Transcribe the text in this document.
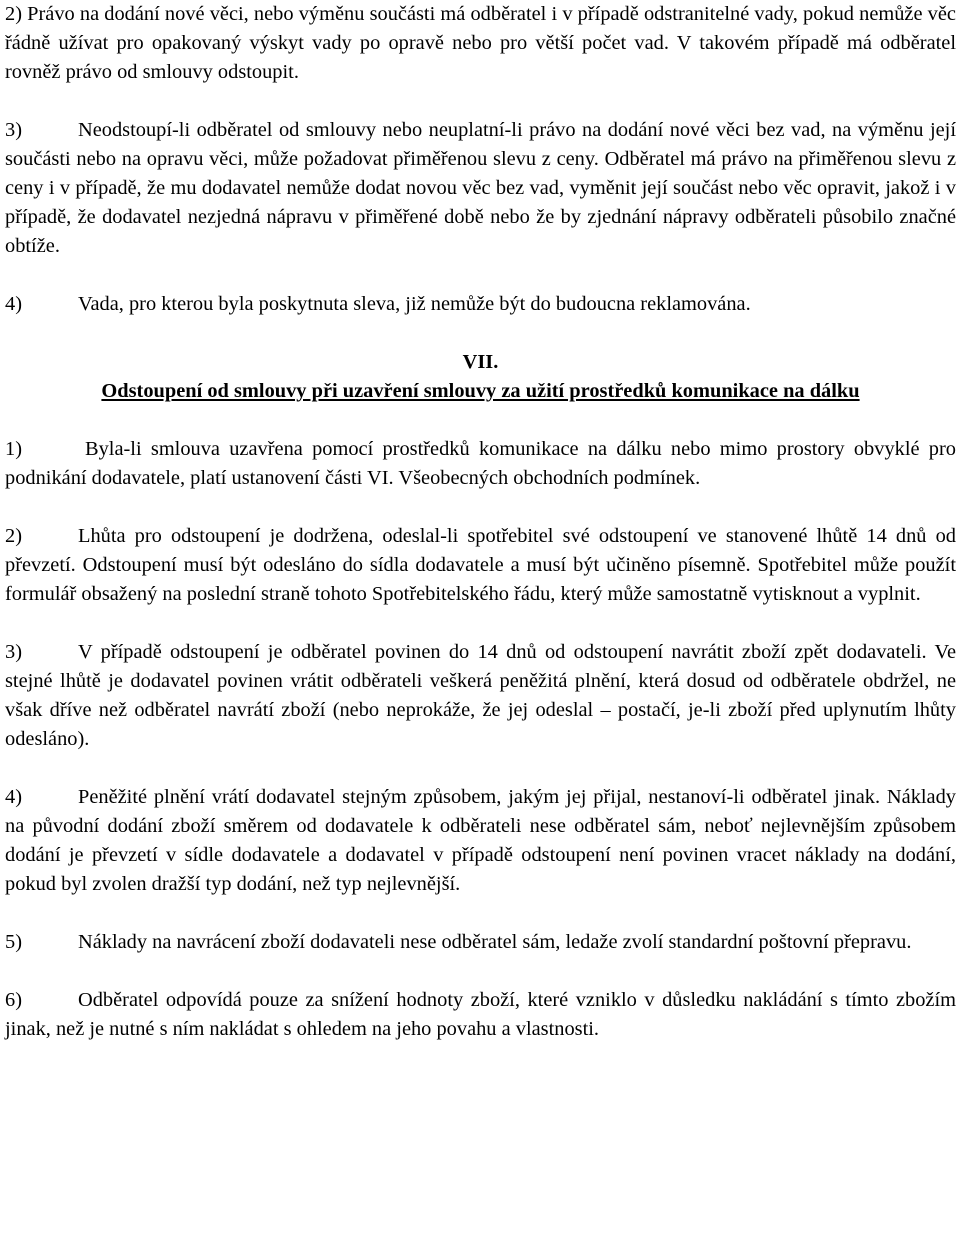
2) Právo na dodání nové věci, nebo výměnu součásti má odběratel i v případě odstranitelné vady, pokud nemůže věc řádně užívat pro opakovaný výskyt vady po opravě nebo pro větší počet vad. V takovém případě má odběratel rovněž právo od smlouvy odstoupit.

3)	Neodstoupí-li odběratel od smlouvy nebo neuplatní-li právo na dodání nové věci bez vad, na výměnu její součásti nebo na opravu věci, může požadovat přiměřenou slevu z ceny. Odběratel má právo na přiměřenou slevu z ceny i v případě, že mu dodavatel nemůže dodat novou věc bez vad, vyměnit její součást nebo věc opravit, jakož i v případě, že dodavatel nezjedná nápravu v přiměřené době nebo že by zjednání nápravy odběrateli působilo značné obtíže.

4)	Vada, pro kterou byla poskytnuta sleva, již nemůže být do budoucna reklamována.

VII.

Odstoupení od smlouvy při uzavření smlouvy za užití prostředků komunikace na dálku

1)	Byla-li smlouva uzavřena pomocí prostředků komunikace na dálku nebo mimo prostory obvyklé pro podnikání dodavatele, platí ustanovení části VI. Všeobecných obchodních podmínek.

2)	Lhůta pro odstoupení je dodržena, odeslal-li spotřebitel své odstoupení ve stanovené lhůtě 14 dnů od převzetí. Odstoupení musí být odesláno do sídla dodavatele a musí být učiněno písemně. Spotřebitel může použít formulář obsažený na poslední straně tohoto Spotřebitelského řádu, který může samostatně vytisknout a vyplnit.

3)	V případě odstoupení je odběratel povinen do 14 dnů od odstoupení navrátit zboží zpět dodavateli. Ve stejné lhůtě je dodavatel povinen vrátit odběrateli veškerá peněžitá plnění, která dosud od odběratele obdržel, ne však dříve než odběratel navrátí zboží (nebo neprokáže, že jej odeslal – postačí, je-li zboží před uplynutím lhůty odesláno).

4)	Peněžité plnění vrátí dodavatel stejným způsobem, jakým jej přijal, nestanoví-li odběratel jinak. Náklady na původní dodání zboží směrem od dodavatele k odběrateli nese odběratel sám, neboť nejlevnějším způsobem dodání je převzetí v sídle dodavatele a dodavatel v případě odstoupení není povinen vracet náklady na dodání, pokud byl zvolen dražší typ dodání, než typ nejlevnější.

5)	Náklady na navrácení zboží dodavateli nese odběratel sám, ledaže zvolí standardní poštovní přepravu.

6)	Odběratel odpovídá pouze za snížení hodnoty zboží, které vzniklo v důsledku nakládání s tímto zbožím jinak, než je nutné s ním nakládat s ohledem na jeho povahu a vlastnosti.
